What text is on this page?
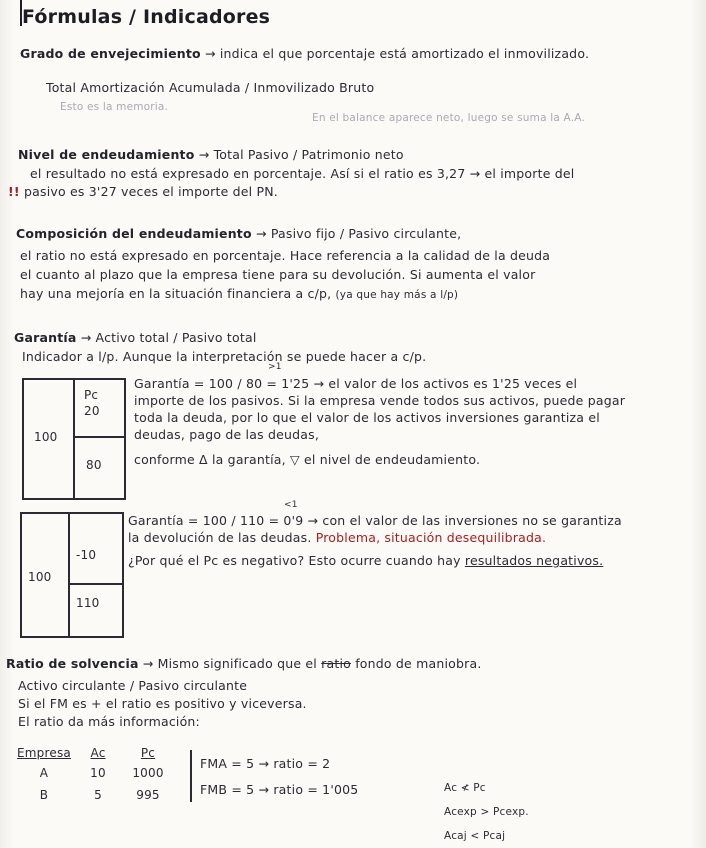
Fórmulas / Indicadores
Grado de envejecimiento → indica el que porcentaje está amortizado el inmovilizado.
Total Amortización Acumulada / Inmovilizado Bruto
Esto es la memoria.
En el balance aparece neto, luego se suma la A.A.
Nivel de endeudamiento → Total Pasivo / Patrimonio neto
el resultado no está expresado en porcentaje. Así si el ratio es 3,27 → el importe del
!! pasivo es 3'27 veces el importe del PN.
Composición del endeudamiento → Pasivo fijo / Pasivo circulante,
el ratio no está expresado en porcentaje. Hace referencia a la calidad de la deuda
el cuanto al plazo que la empresa tiene para su devolución. Si aumenta el valor
hay una mejoría en la situación financiera a c/p, (ya que hay más a l/p)
Garantía → Activo total / Pasivo total
Indicador a l/p. Aunque la interpretación se puede hacer a c/p.
100
Pc
20
80
>1
Garantía = 100 / 80 = 1'25 → el valor de los activos es 1'25 veces el
importe de los pasivos. Si la empresa vende todos sus activos, puede pagar
toda la deuda, por lo que el valor de los activos inversiones garantiza el
deudas, pago de las deudas,
conforme Δ la garantía, ▽ el nivel de endeudamiento.
100
-10
110
<1
Garantía = 100 / 110 = 0'9 → con el valor de las inversiones no se garantiza
la devolución de las deudas. Problema, situación desequilibrada.
¿Por qué el Pc es negativo? Esto ocurre cuando hay resultados negativos.
Ratio de solvencia → Mismo significado que el ratio fondo de maniobra.
Activo circulante / Pasivo circulante
Si el FM es + el ratio es positivo y viceversa.
El ratio da más información:
Empresa
A
B
Ac
10
5
Pc
1000
995
FMA = 5 → ratio = 2
FMB = 5 → ratio = 1'005	Ac ≮ Pc
Acexp > Pcexp.
Acaj < Pcaj
